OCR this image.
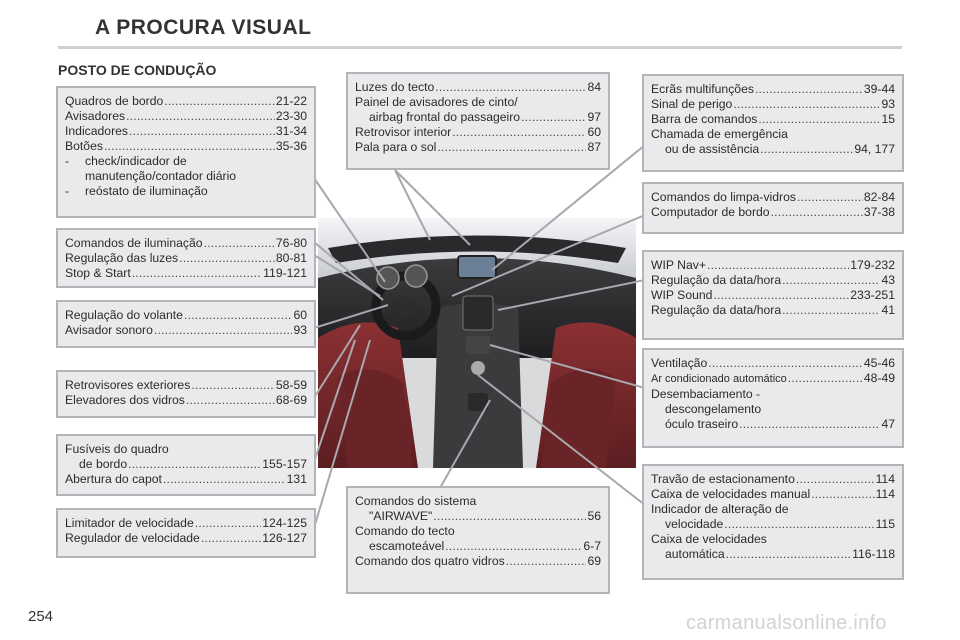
A PROCURA VISUAL
POSTO DE CONDUÇÃO
Quadros de bordo .....	21-22
Avisadores .....	23-30
Indicadores .....	31-34
Botões .....	35-36
-	check/indicador de manutenção/contador diário
-	reóstato de iluminação
Comandos de iluminação .....	76-80
Regulação das luzes .....	80-81
Stop & Start .....	119-121
Regulação do volante .....	60
Avisador sonoro .....	93
Retrovisores exteriores .....	58-59
Elevadores dos vidros .....	68-69
Fusíveis do quadro
de bordo .....	155-157
Abertura do capot .....	131
Limitador de velocidade .....	124-125
Regulador de velocidade .....	126-127
Luzes do tecto .....	84
Painel de avisadores de cinto/
airbag frontal do passageiro .....	97
Retrovisor interior .....	60
Pala para o sol .....	87
Comandos do sistema
"AIRWAVE" .....	56
Comando do tecto
escamoteável .....	6-7
Comando dos quatro vidros .....	69
Ecrãs multifunções .....	39-44
Sinal de perigo .....	93
Barra de comandos .....	15
Chamada de emergência
ou de assistência .....	94, 177
Comandos do limpa-vidros .....	82-84
Computador de bordo .....	37-38
WIP Nav+ .....	179-232
Regulação da data/hora .....	43
WIP Sound .....	233-251
Regulação da data/hora .....	41
Ventilação .....	45-46
Ar condicionado automático .....	48-49
Desembaciamento -
descongelamento
óculo traseiro .....	47
Travão de estacionamento .....	114
Caixa de velocidades manual .....	114
Indicador de alteração de
velocidade .....	115
Caixa de velocidades
automática .....	116-118
254	carmanualsonline.info
